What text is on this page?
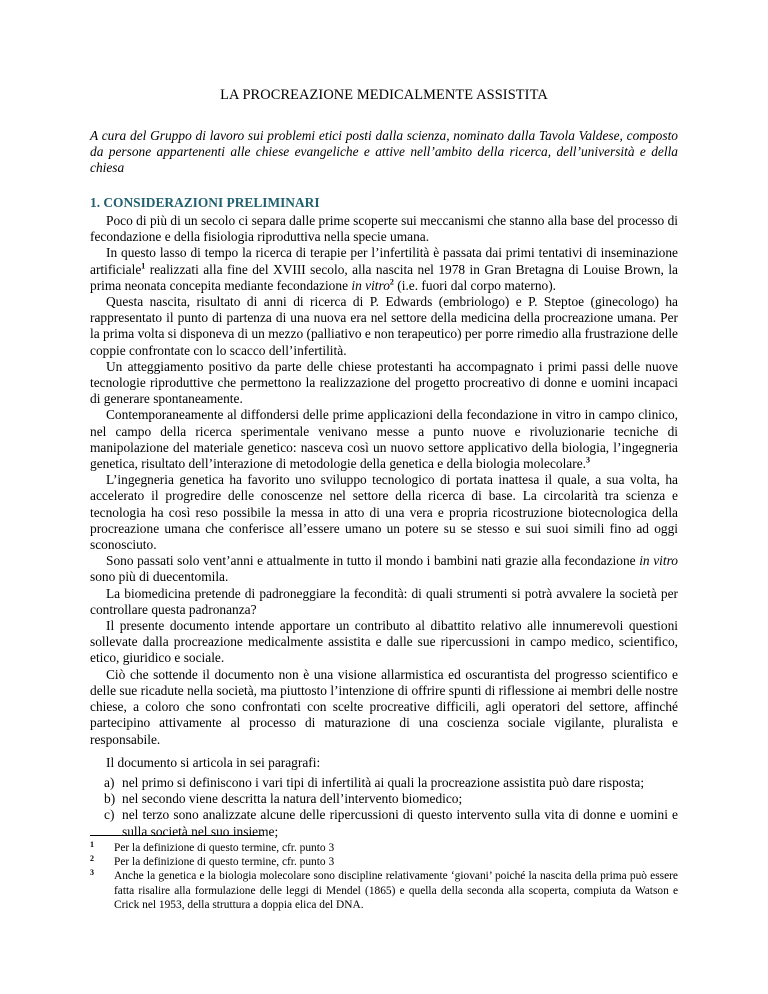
LA PROCREAZIONE MEDICALMENTE ASSISTITA
A cura del Gruppo di lavoro sui problemi etici posti dalla scienza, nominato dalla Tavola Valdese, composto da persone appartenenti alle chiese evangeliche e attive nell’ambito della ricerca, dell’università e della chiesa
1. CONSIDERAZIONI PRELIMINARI

Poco di più di un secolo ci separa dalle prime scoperte sui meccanismi che stanno alla base del processo di fecondazione e della fisiologia riproduttiva nella specie umana.

In questo lasso di tempo la ricerca di terapie per l’infertilità è passata dai primi tentativi di inseminazione artificiale$^1$ realizzati alla fine del XVIII secolo, alla nascita nel 1978 in Gran Bretagna di Louise Brown, la prima neonata concepita mediante fecondazione in vitro$^2$ (i.e. fuori dal corpo materno).

Questa nascita, risultato di anni di ricerca di P. Edwards (embriologo) e P. Steptoe (ginecologo) ha rappresentato il punto di partenza di una nuova era nel settore della medicina della procreazione umana. Per la prima volta si disponeva di un mezzo (palliativo e non terapeutico) per porre rimedio alla frustrazione delle coppie confrontate con lo scacco dell’infertilità.

Un atteggiamento positivo da parte delle chiese protestanti ha accompagnato i primi passi delle nuove tecnologie riproduttive che permettono la realizzazione del progetto procreativo di donne e uomini incapaci di generare spontaneamente.

Contemporaneamente al diffondersi delle prime applicazioni della fecondazione in vitro in campo clinico, nel campo della ricerca sperimentale venivano messe a punto nuove e rivoluzionarie tecniche di manipolazione del materiale genetico: nasceva così un nuovo settore applicativo della biologia, l’ingegneria genetica, risultato dell’interazione di metodologie della genetica e della biologia molecolare.$^3$

L’ingegneria genetica ha favorito uno sviluppo tecnologico di portata inattesa il quale, a sua volta, ha accelerato il progredire delle conoscenze nel settore della ricerca di base. La circolarità tra scienza e tecnologia ha così reso possibile la messa in atto di una vera e propria ricostruzione biotecnologica della procreazione umana che conferisce all’essere umano un potere su se stesso e sui suoi simili fino ad oggi sconosciuto.

Sono passati solo vent’anni e attualmente in tutto il mondo i bambini nati grazie alla fecondazione in vitro sono più di duecentomila.

La biomedicina pretende di padroneggiare la fecondità: di quali strumenti si potrà avvalere la società per controllare questa padronanza?

Il presente documento intende apportare un contributo al dibattito relativo alle innumerevoli questioni sollevate dalla procreazione medicalmente assistita e dalle sue ripercussioni in campo medico, scientifico, etico, giuridico e sociale.

Ciò che sottende il documento non è una visione allarmistica ed oscurantista del progresso scientifico e delle sue ricadute nella società, ma piuttosto l’intenzione di offrire spunti di riflessione ai membri delle nostre chiese, a coloro che sono confrontati con scelte procreative difficili, agli operatori del settore, affinché partecipino attivamente al processo di maturazione di una coscienza sociale vigilante, pluralista e responsabile.

Il documento si articola in sei paragrafi:

a) nel primo si definiscono i vari tipi di infertilità ai quali la procreazione assistita può dare risposta;
b) nel secondo viene descritta la natura dell’intervento biomedico;
c) nel terzo sono analizzate alcune delle ripercussioni di questo intervento sulla vita di donne e uomini e sulla società nel suo insieme;
1 Per la definizione di questo termine, cfr. punto 3
2 Per la definizione di questo termine, cfr. punto 3
3 Anche la genetica e la biologia molecolare sono discipline relativamente ‘giovani’ poiché la nascita della prima può essere fatta risalire alla formulazione delle leggi di Mendel (1865) e quella della seconda alla scoperta, compiuta da Watson e Crick nel 1953, della struttura a doppia elica del DNA.
